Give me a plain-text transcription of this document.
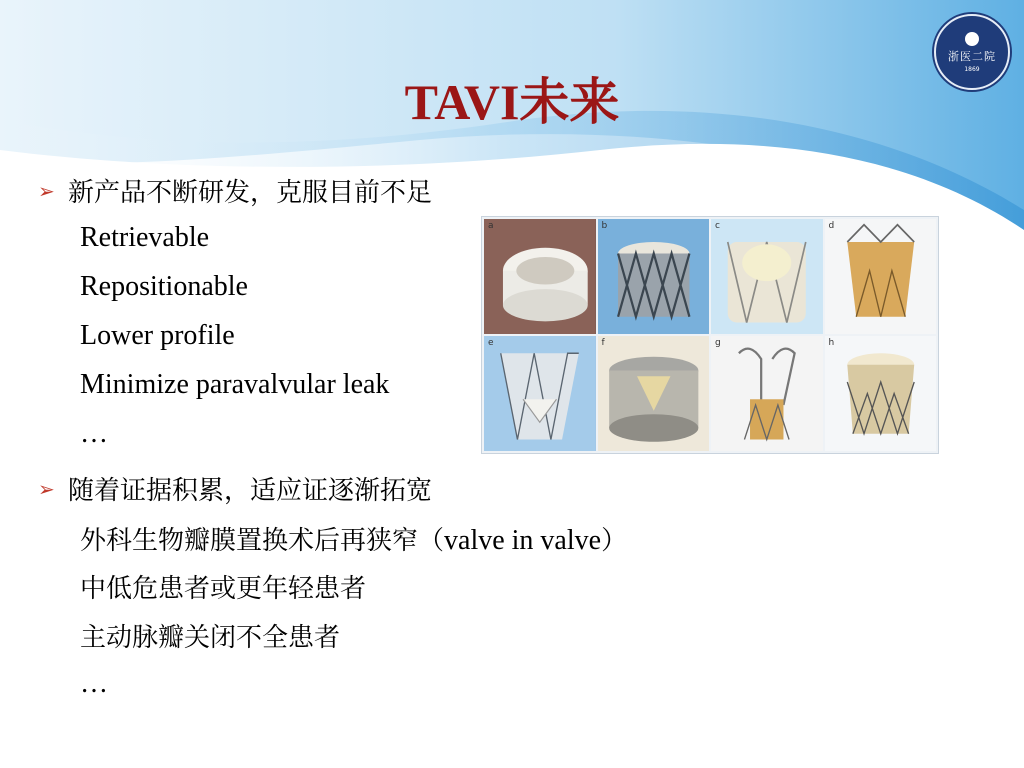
浙医二院
1869
TAVI未来
➢ 新产品不断研发，克服目前不足
Retrievable
Repositionable
Lower profile
Minimize paravalvular leak
…
➢ 随着证据积累，适应证逐渐拓宽
外科生物瓣膜置换术后再狭窄（valve in valve）
中低危患者或更年轻患者
主动脉瓣关闭不全患者
…
a	b	c	d
e	f	g	h
